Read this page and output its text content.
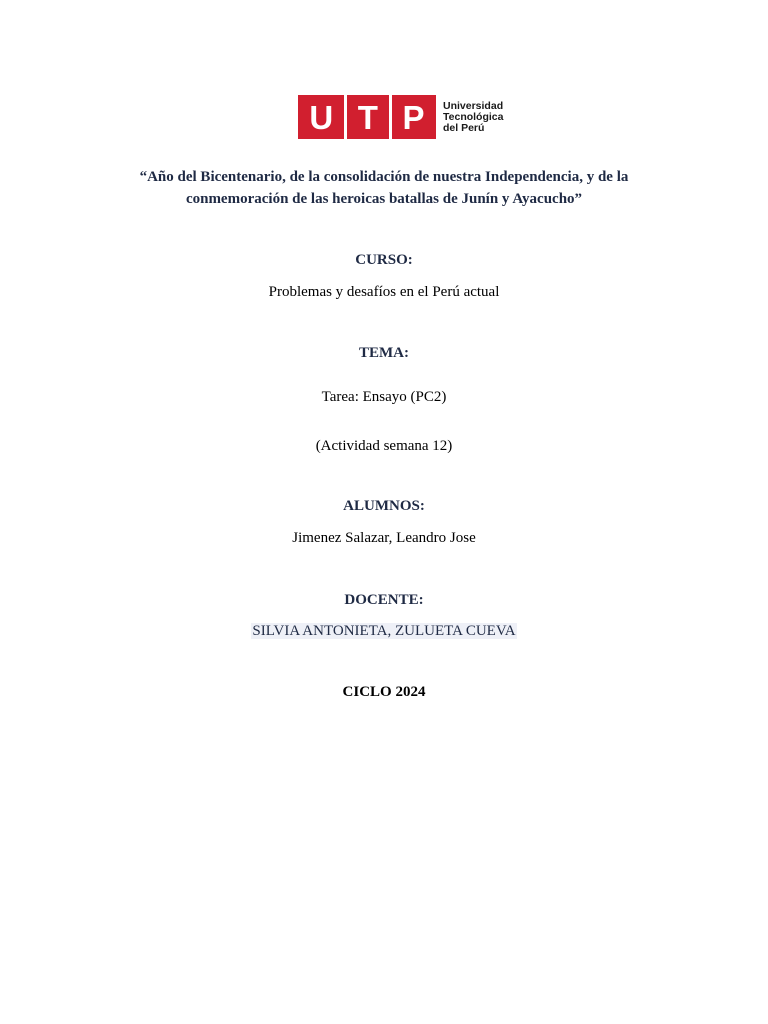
U T P Universidad
Tecnológica
del Perú
“Año del Bicentenario, de la consolidación de nuestra Independencia, y de la
conmemoración de las heroicas batallas de Junín y Ayacucho”
CURSO:
Problemas y desafíos en el Perú actual
TEMA:
Tarea: Ensayo (PC2)
(Actividad semana 12)
ALUMNOS:
Jimenez Salazar, Leandro Jose
DOCENTE:
SILVIA ANTONIETA, ZULUETA CUEVA
CICLO 2024
